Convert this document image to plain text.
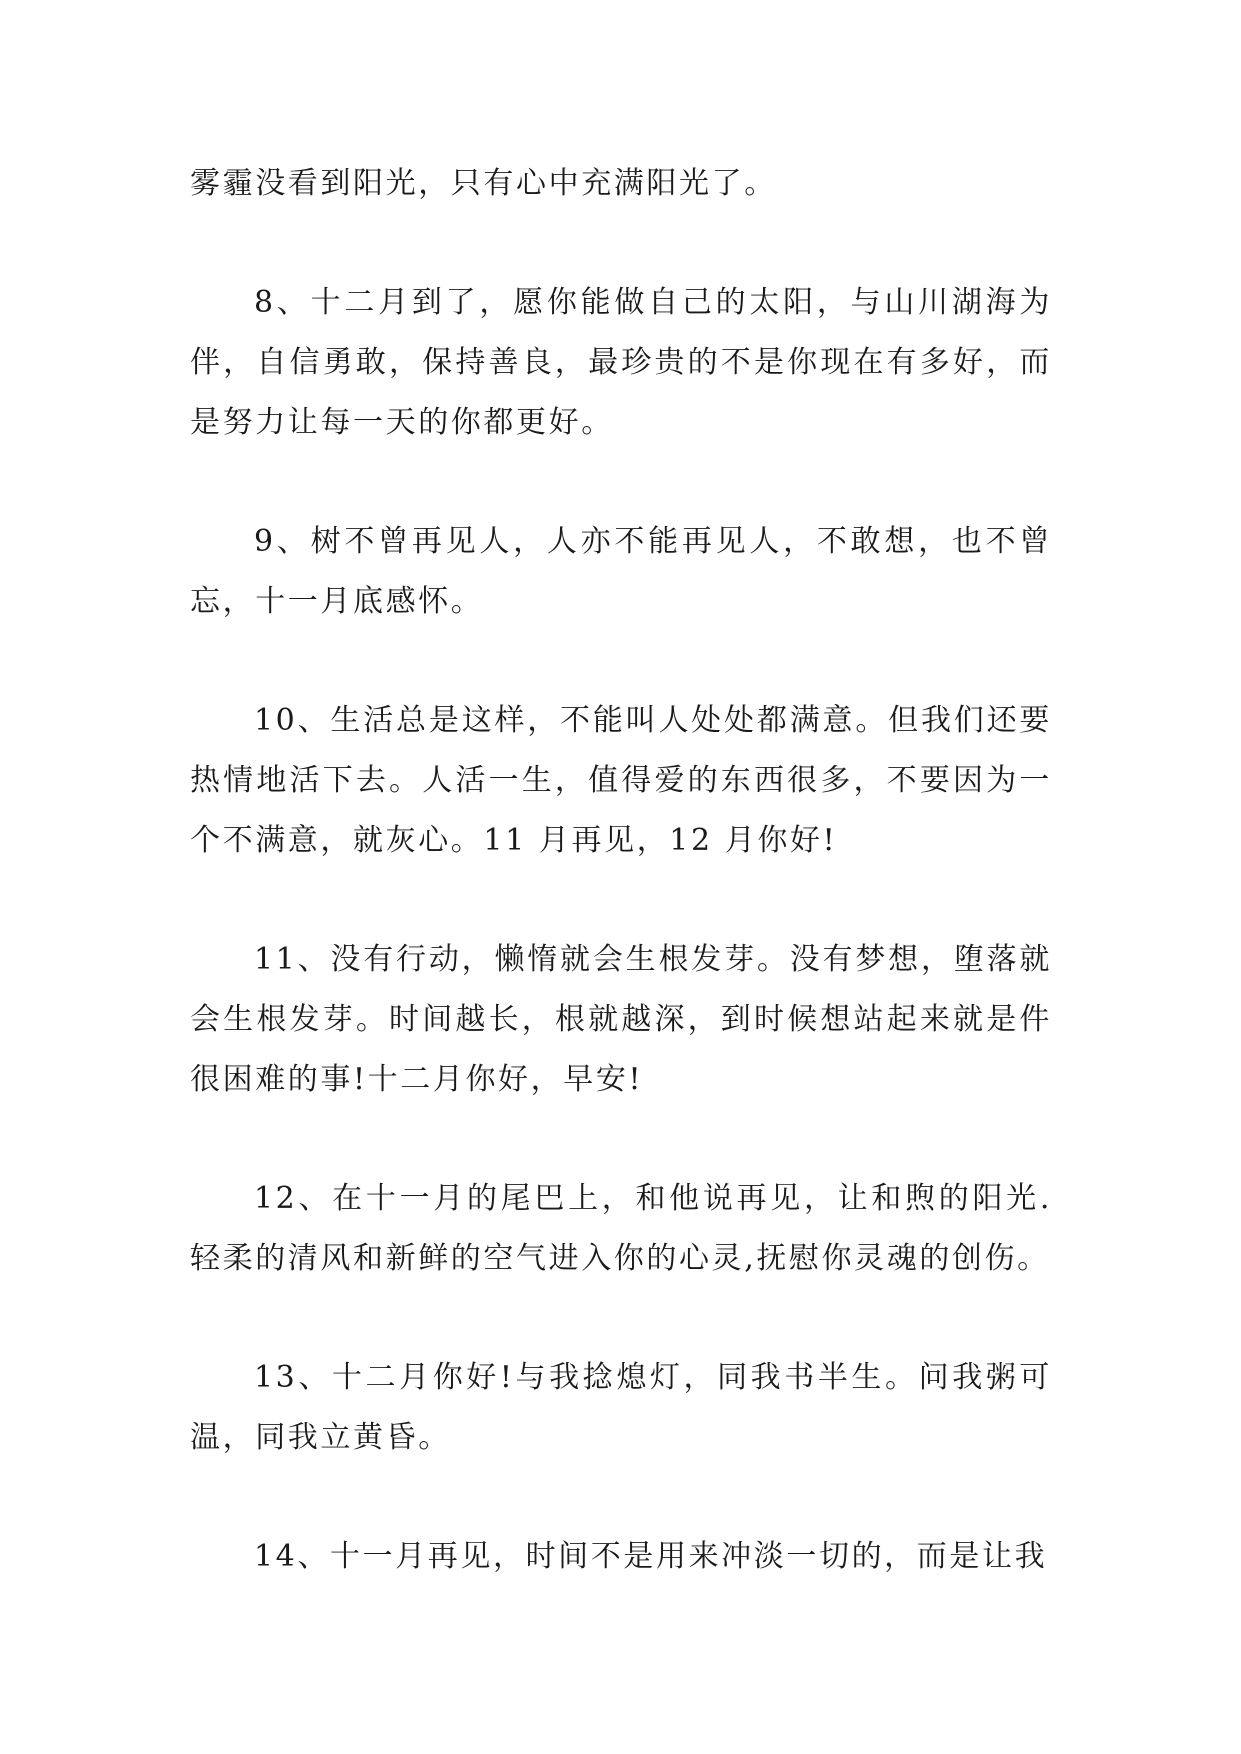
雾霾没看到阳光，只有心中充满阳光了。

8、十二月到了，愿你能做自己的太阳，与山川湖海为伴，自信勇敢，保持善良，最珍贵的不是你现在有多好，而是努力让每一天的你都更好。

9、树不曾再见人，人亦不能再见人，不敢想，也不曾忘，十一月底感怀。

10、生活总是这样，不能叫人处处都满意。但我们还要热情地活下去。人活一生，值得爱的东西很多，不要因为一个不满意，就灰心。11 月再见，12 月你好!

11、没有行动，懒惰就会生根发芽。没有梦想，堕落就会生根发芽。时间越长，根就越深，到时候想站起来就是件很困难的事!十二月你好，早安!

12、在十一月的尾巴上，和他说再见，让和煦的阳光.轻柔的清风和新鲜的空气进入你的心灵,抚慰你灵魂的创伤。

13、十二月你好!与我捻熄灯，同我书半生。问我粥可温，同我立黄昏。

14、十一月再见，时间不是用来冲淡一切的，而是让我
